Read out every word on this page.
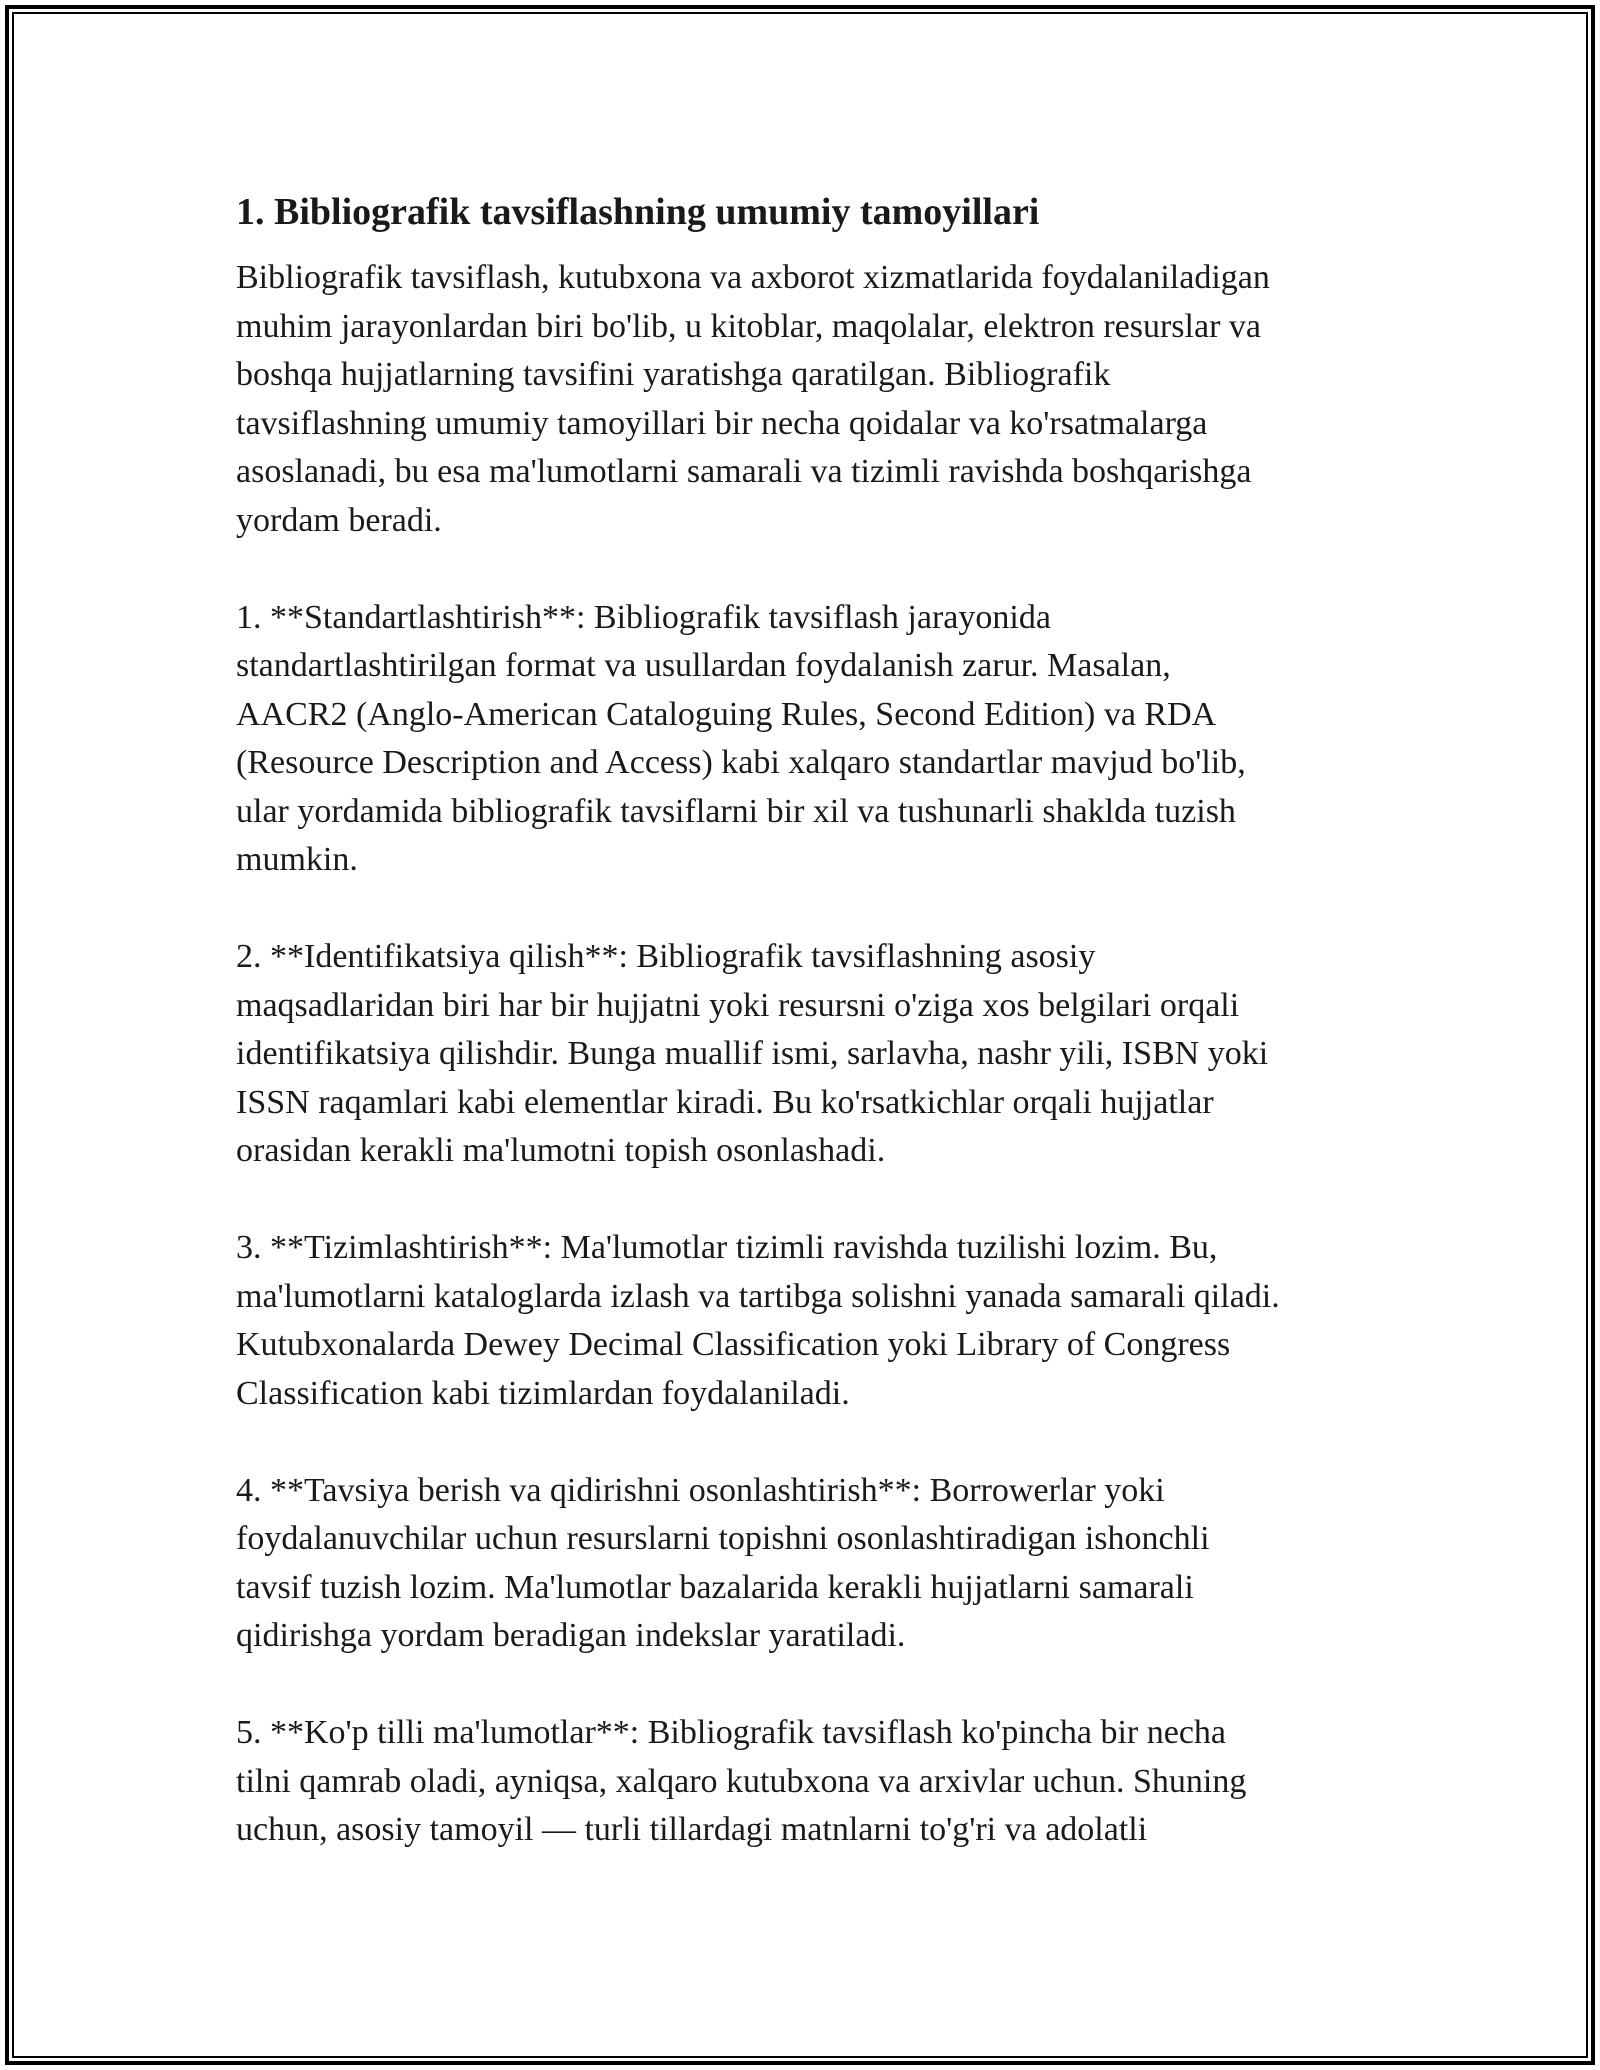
1. Bibliografik tavsiflashning umumiy tamoyillari

Bibliografik tavsiflash, kutubxona va axborot xizmatlarida foydalaniladigan
muhim jarayonlardan biri bo'lib, u kitoblar, maqolalar, elektron resurslar va
boshqa hujjatlarning tavsifini yaratishga qaratilgan. Bibliografik
tavsiflashning umumiy tamoyillari bir necha qoidalar va ko'rsatmalarga
asoslanadi, bu esa ma'lumotlarni samarali va tizimli ravishda boshqarishga
yordam beradi.

1. **Standartlashtirish**: Bibliografik tavsiflash jarayonida
standartlashtirilgan format va usullardan foydalanish zarur. Masalan,
AACR2 (Anglo-American Cataloguing Rules, Second Edition) va RDA
(Resource Description and Access) kabi xalqaro standartlar mavjud bo'lib,
ular yordamida bibliografik tavsiflarni bir xil va tushunarli shaklda tuzish
mumkin.

2. **Identifikatsiya qilish**: Bibliografik tavsiflashning asosiy
maqsadlaridan biri har bir hujjatni yoki resursni o'ziga xos belgilari orqali
identifikatsiya qilishdir. Bunga muallif ismi, sarlavha, nashr yili, ISBN yoki
ISSN raqamlari kabi elementlar kiradi. Bu ko'rsatkichlar orqali hujjatlar
orasidan kerakli ma'lumotni topish osonlashadi.

3. **Tizimlashtirish**: Ma'lumotlar tizimli ravishda tuzilishi lozim. Bu,
ma'lumotlarni kataloglarda izlash va tartibga solishni yanada samarali qiladi.
Kutubxonalarda Dewey Decimal Classification yoki Library of Congress
Classification kabi tizimlardan foydalaniladi.

4. **Tavsiya berish va qidirishni osonlashtirish**: Borrowerlar yoki
foydalanuvchilar uchun resurslarni topishni osonlashtiradigan ishonchli
tavsif tuzish lozim. Ma'lumotlar bazalarida kerakli hujjatlarni samarali
qidirishga yordam beradigan indekslar yaratiladi.

5. **Ko'p tilli ma'lumotlar**: Bibliografik tavsiflash ko'pincha bir necha
tilni qamrab oladi, ayniqsa, xalqaro kutubxona va arxivlar uchun. Shuning
uchun, asosiy tamoyil — turli tillardagi matnlarni to'g'ri va adolatli
